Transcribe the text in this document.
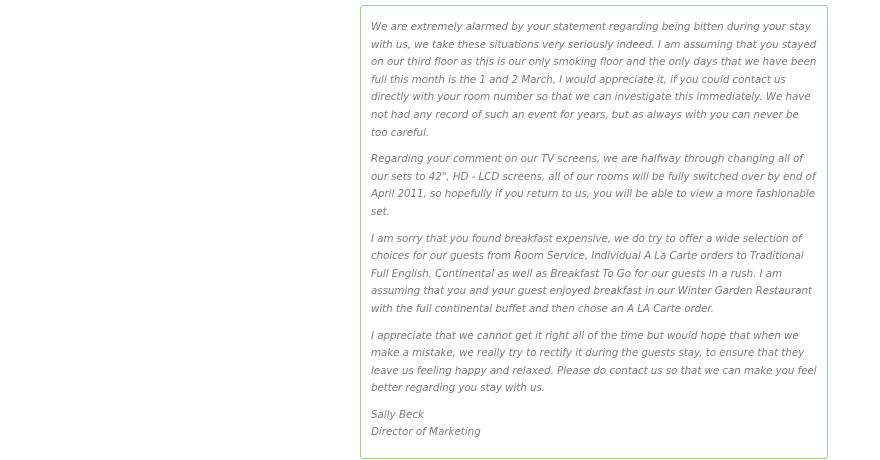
We are extremely alarmed by your statement regarding being bitten during your stay with us, we take these situations very seriously indeed. I am assuming that you stayed on our third floor as this is our only smoking floor and the only days that we have been full this month is the 1 and 2 March, I would appreciate it, if you could contact us directly with your room number so that we can investigate this immediately. We have not had any record of such an event for years, but as always with you can never be too careful.

Regarding your comment on our TV screens, we are halfway through changing all of our sets to 42", HD - LCD screens, all of our rooms will be fully switched over by end of April 2011, so hopefully if you return to us, you will be able to view a more fashionable set.

I am sorry that you found breakfast expensive, we do try to offer a wide selection of choices for our guests from Room Service, Individual A La Carte orders to Traditional Full English, Continental as well as Breakfast To Go for our guests in a rush. I am assuming that you and your guest enjoyed breakfast in our Winter Garden Restaurant with the full continental buffet and then chose an A LA Carte order.

I appreciate that we cannot get it right all of the time but would hope that when we make a mistake, we really try to rectify it during the guests stay, to ensure that they leave us feeling happy and relaxed. Please do contact us so that we can make you feel better regarding you stay with us.

Sally Beck
Director of Marketing
